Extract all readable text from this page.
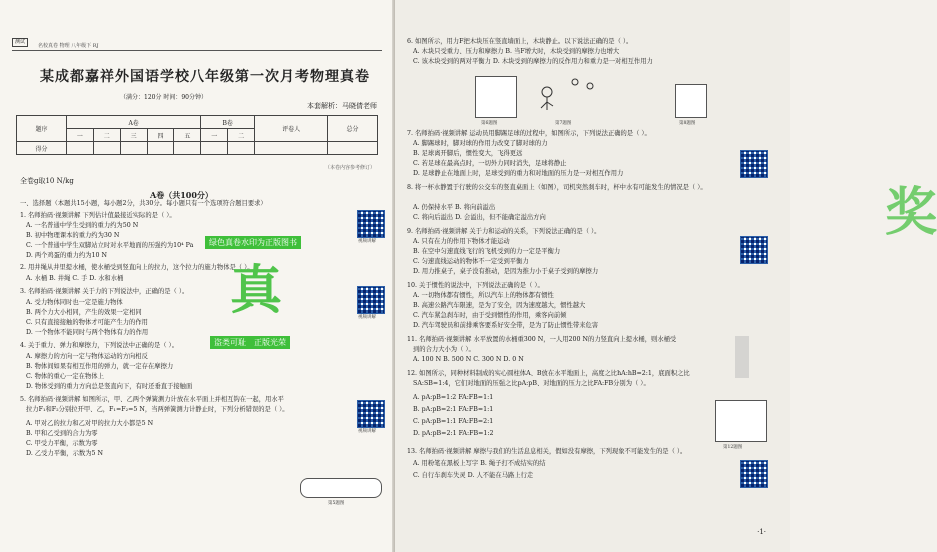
测试
名校真卷 物理 八年级下 RJ
某成都嘉祥外国语学校八年级第一次月考物理真卷
（满分：120分 时间：90分钟）
本套解析：马晓倩老师
题序	A卷					B卷		评卷人	总分
	一	二	三	四	五	一	二		
得分									
（本卷内容参考修订）
全卷g取10 N/kg
A卷（共100分）
一、选择题（本题共15小题，每小题2分，共30分。每小题只有一个选项符合题目要求）
1. 名师拍码·视频讲解 下列估计值最接近实际的是（ ）。
A. 一名普通中学生受到的重力约为50 N
B. 初中物理课本的重力约为30 N
C. 一个普通中学生双脚站立时对水平地面的压强约为10⁴ Pa
D. 两个鸡蛋的重力约为10 N
2. 用井绳从井里提水桶，使水桶受到竖直向上的拉力，这个拉力的施力物体是（ ）。
A. 水桶 B. 井绳 C. 手 D. 水和水桶
3. 名师拍码·视频讲解 关于力的下列说法中，正确的是（ ）。
A. 受力物体同时也一定是施力物体
B. 两个力大小相同，产生的效果一定相同
C. 只有直接接触的物体才可能产生力的作用
D. 一个物体不能同时与两个物体有力的作用
4. 关于重力、弹力和摩擦力，下列说法中正确的是（ ）。
A. 摩擦力的方向一定与物体运动的方向相反
B. 物体间如果有相互作用的弹力，就一定存在摩擦力
C. 物体的重心一定在物体上
D. 物体受到的重力方向总是竖直向下，有时还垂直于接触面
5. 名师拍码·视频讲解 如图所示，甲、乙两个弹簧测力计放在水平面上并相互钩在一起，用水平
拉力F₁和F₂分别拉开甲、乙，F₁=F₂=5 N，当两弹簧测力计静止时，下列分析错误的是（ ）。
A. 甲对乙的拉力和乙对甲的拉力大小都是5 N
B. 甲和乙受到的合力为零
C. 甲受力平衡，示数为零
D. 乙受力平衡，示数为5 N
视频讲解
视频讲解
视频讲解
第5题图
绿色真卷水印为正版图书
真
盗类可耻　正版光荣
6. 如图所示，用力F把木块压在竖直墙面上，木块静止。以下说法正确的是（ ）。
A. 木块只受重力、压力和摩擦力 B. 当F增大时，木块受到的摩擦力也增大
C. 该木块受到的两对平衡力 D. 木块受到的摩擦力的反作用力和重力是一对相互作用力
第6题图	第7题图	第8题图
7. 名师拍码·视频讲解 运动员用脚踢足球的过程中，如图所示，下列说法正确的是（ ）。
A. 脚踢球时，脚对球的作用力改变了脚对球的力
B. 足球离开脚后，惯性变大，飞得更远
C. 若足球在最高点时，一切外力同时消失，足球将静止
D. 足球静止在地面上时，足球受到的重力和对地面的压力是一对相互作用力
8. 将一杯水静置于行驶的公交车的竖直桌面上（如图），司机突然刹车时，杯中水有可能发生的情况是（ ）。
A. 仍保持水平 B. 将向前溢出
C. 将向后溢出 D. 会溢出，但不能确定溢出方向
9. 名师拍码·视频讲解 关于力和运动的关系，下列说法正确的是（ ）。
A. 只有在力的作用下物体才能运动
B. 在空中匀速直线飞行的飞机受到的力一定是平衡力
C. 匀速直线运动的物体不一定受到平衡力
D. 用力推桌子，桌子没有推动，是因为推力小于桌子受到的摩擦力
10. 关于惯性的说法中，下列说法正确的是（ ）。
A. 一切物体都有惯性，所以汽车上的物体都有惯性
B. 高速公路汽车限速，是为了安全，因为速度越大，惯性越大
C. 汽车紧急刹车时，由于受到惯性的作用，乘客向前倾
D. 汽车驾驶员和前排乘客要系好安全带，是为了防止惯性带来危害
11. 名师拍码·视频讲解 水平放置的水桶重300 N，一人用200 N的力竖直向上提水桶，则水桶受
到的合力大小为（ ）。
A. 100 N B. 500 N C. 300 N D. 0 N
12. 如图所示，同种材料制成的实心圆柱体A、B放在水平地面上，高度之比hA:hB=2:1，底面积之比
SA:SB=1:4，它们对地面的压强之比pA:pB、对地面的压力之比FA:FB分别为（ ）。
A. pA:pB=1:2 FA:FB=1:1
B. pA:pB=2:1 FA:FB=1:1
C. pA:pB=1:1 FA:FB=2:1
D. pA:pB=2:1 FA:FB=1:2
13. 名师拍码·视频讲解 摩擦与我们的生活息息相关，假如没有摩擦，下列现象不可能发生的是（ ）。
A. 用粉笔在黑板上写字 B. 绳子打不成结实的结
C. 自行车刹车失灵 D. 人不能在马路上行走
第12题图
奖
·1·
